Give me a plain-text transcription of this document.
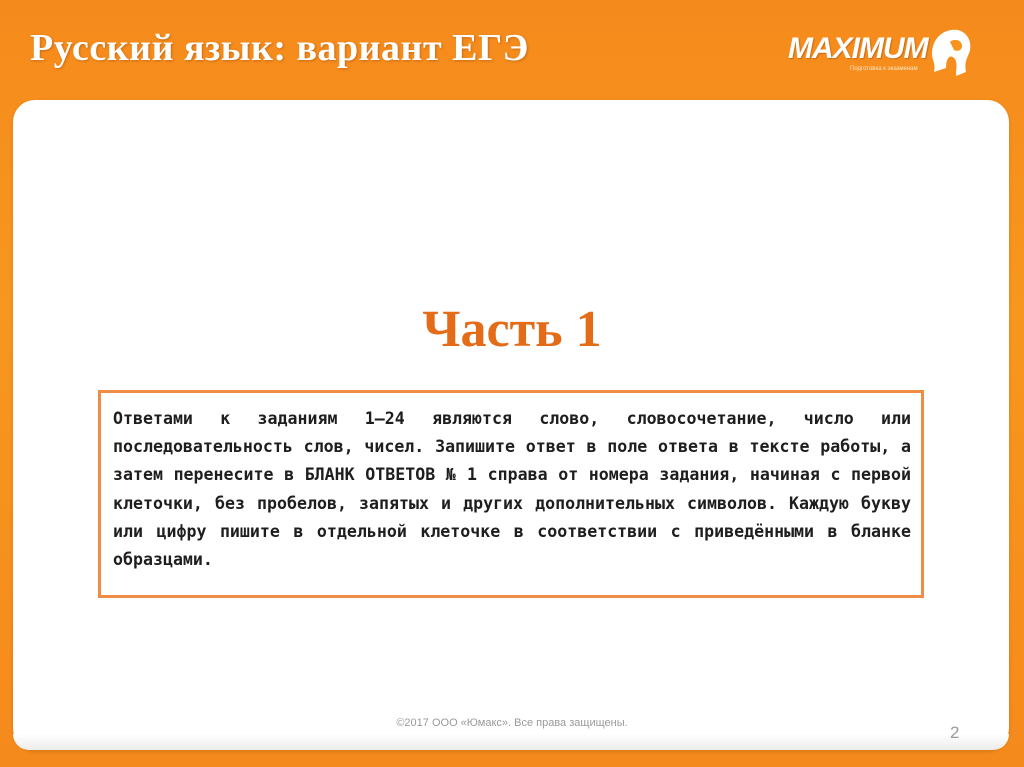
Русский язык: вариант ЕГЭ	MAXIMUM
Подготовка к экзаменам
Часть 1

Ответами к заданиям 1–24 являются слово, словосочетание, число или последовательность слов, чисел. Запишите ответ в поле ответа в тексте работы, а затем перенесите в БЛАНК ОТВЕТОВ № 1 справа от номера задания, начиная с первой клеточки, без пробелов, запятых и других дополнительных символов. Каждую букву или цифру пишите в отдельной клеточке в соответствии с приведёнными в бланке образцами.

©2017 ООО «Юмакс». Все права защищены.	2
